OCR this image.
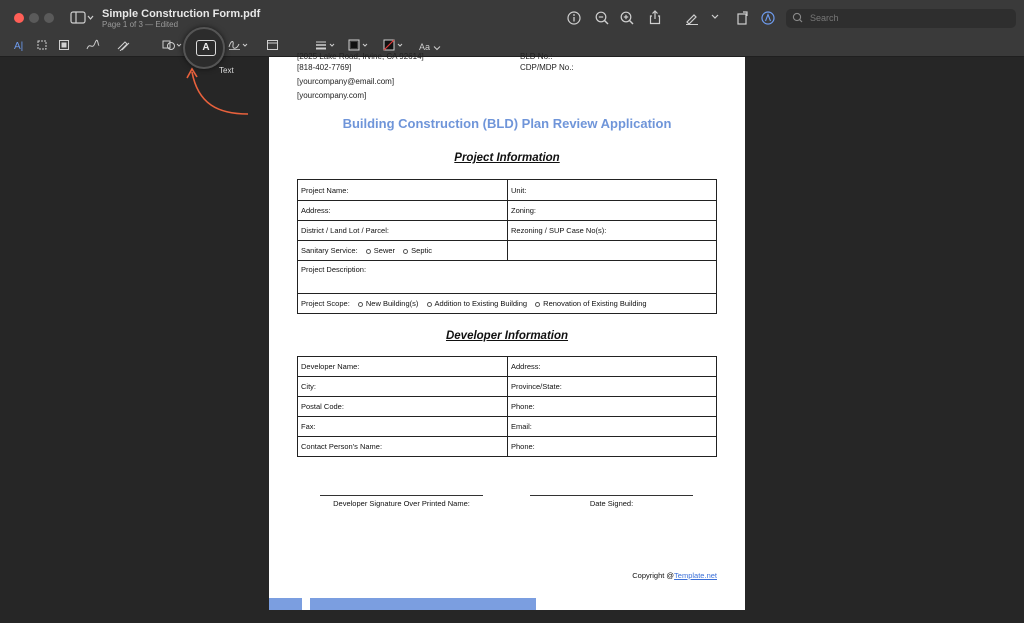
Simple Construction Form.pdf
Page 1 of 3 — Edited
Search
A|	Aa
[2025 Lake Road, Irvine, CA 92614]
[818-402-7769]
[yourcompany@email.com]
[yourcompany.com]
BLD No.:
CDP/MDP No.:
Building Construction (BLD) Plan Review Application
Project Information
Project Name:	Unit:
Address:	Zoning:
District / Land Lot / Parcel:	Rezoning / SUP Case No(s):
Sanitary Service: Sewer Septic	
Project Description:	
Project Scope: New Building(s) Addition to Existing Building Renovation of Existing Building	
Developer Information
Developer Name:	Address:
City:	Province/State:
Postal Code:	Phone:
Fax:	Email:
Contact Person's Name:	Phone:
Developer Signature Over Printed Name:	Date Signed:
Copyright @Template.net
A
Text
